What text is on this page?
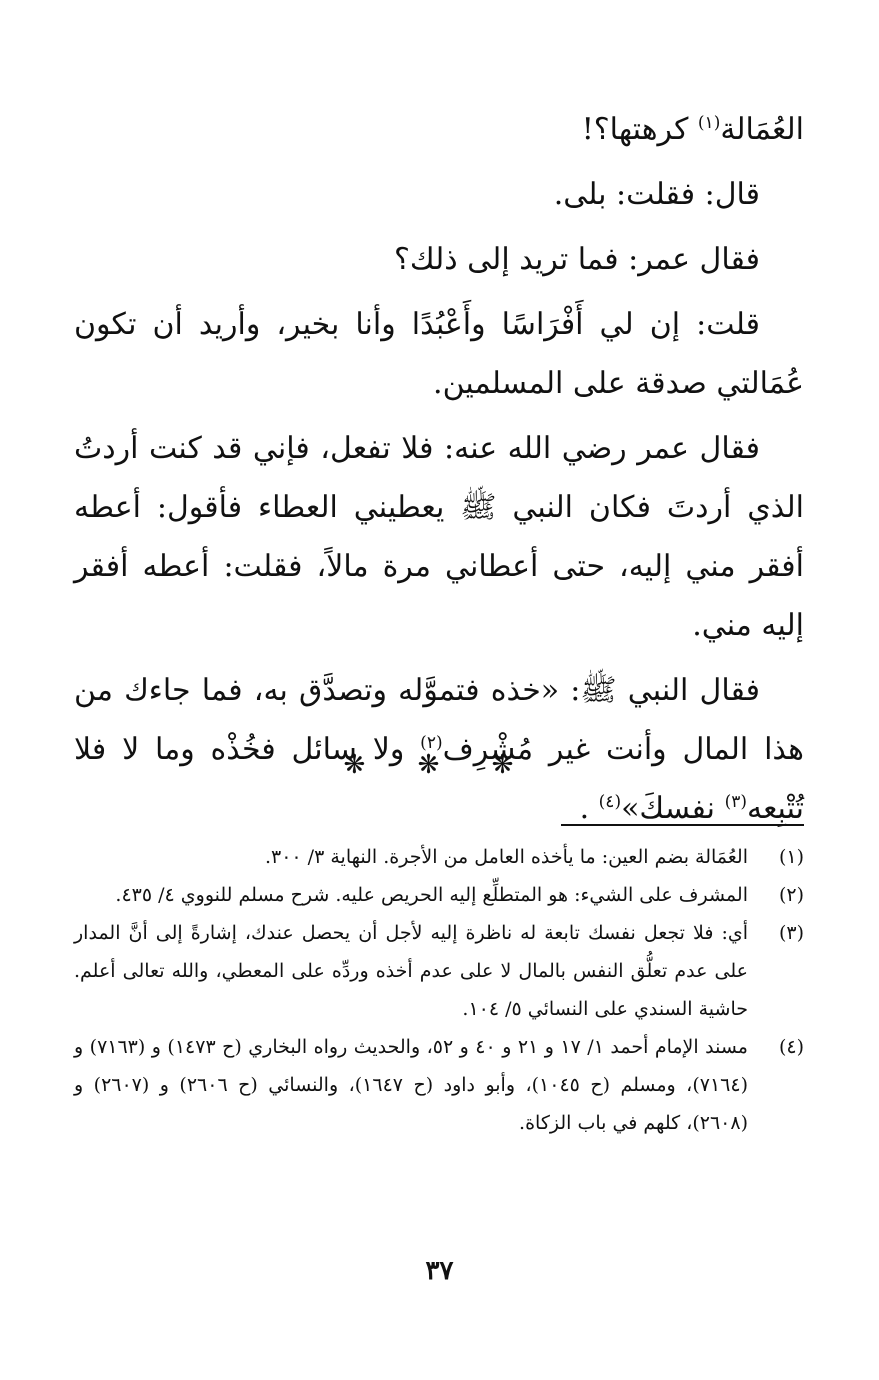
العُمَالة$^{(١)}$ كرهتها؟!

قال: فقلت: بلى.

فقال عمر: فما تريد إلى ذلك؟

قلت: إن لي أَفْرَاسًا وأَعْبُدًا وأنا بخير، وأريد أن تكون عُمَالتي صدقة على المسلمين.

فقال عمر رضي الله عنه: فلا تفعل، فإني قد كنت أردتُ الذي أردتَ فكان النبي ﷺ يعطيني العطاء فأقول: أعطه أفقر مني إليه، حتى أعطاني مرة مالاً، فقلت: أعطه أفقر إليه مني.

فقال النبي ﷺ: «خذه فتموَّله وتصدَّق به، فما جاءك من هذا المال وأنت غير مُشْرِف$^{(٢)}$ ولا سائل فخُذْه وما لا فلا تُتْبِعه$^{(٣)}$ نفسكَ»$^{(٤)}$ .

❋ ❋ ❋
(١)
العُمَالة بضم العين: ما يأخذه العامل من الأجرة. النهاية ٣/ ٣٠٠.
(٢)
المشرف على الشيء: هو المتطلِّع إليه الحريص عليه. شرح مسلم للنووي ٤/ ٤٣٥.
(٣)
أي: فلا تجعل نفسك تابعة له ناظرة إليه لأجل أن يحصل عندك، إشارةً إلى أنَّ المدار على عدم تعلُّق النفس بالمال لا على عدم أخذه وردِّه على المعطي، والله تعالى أعلم. حاشية السندي على النسائي ٥/ ١٠٤.
(٤)
مسند الإمام أحمد ١/ ١٧ و ٢١ و ٤٠ و ٥٢، والحديث رواه البخاري (ح ١٤٧٣) و (٧١٦٣) و (٧١٦٤)، ومسلم (ح ١٠٤٥)، وأبو داود (ح ١٦٤٧)، والنسائي (ح ٢٦٠٦) و (٢٦٠٧) و (٢٦٠٨)، كلهم في باب الزكاة.
٣٧
